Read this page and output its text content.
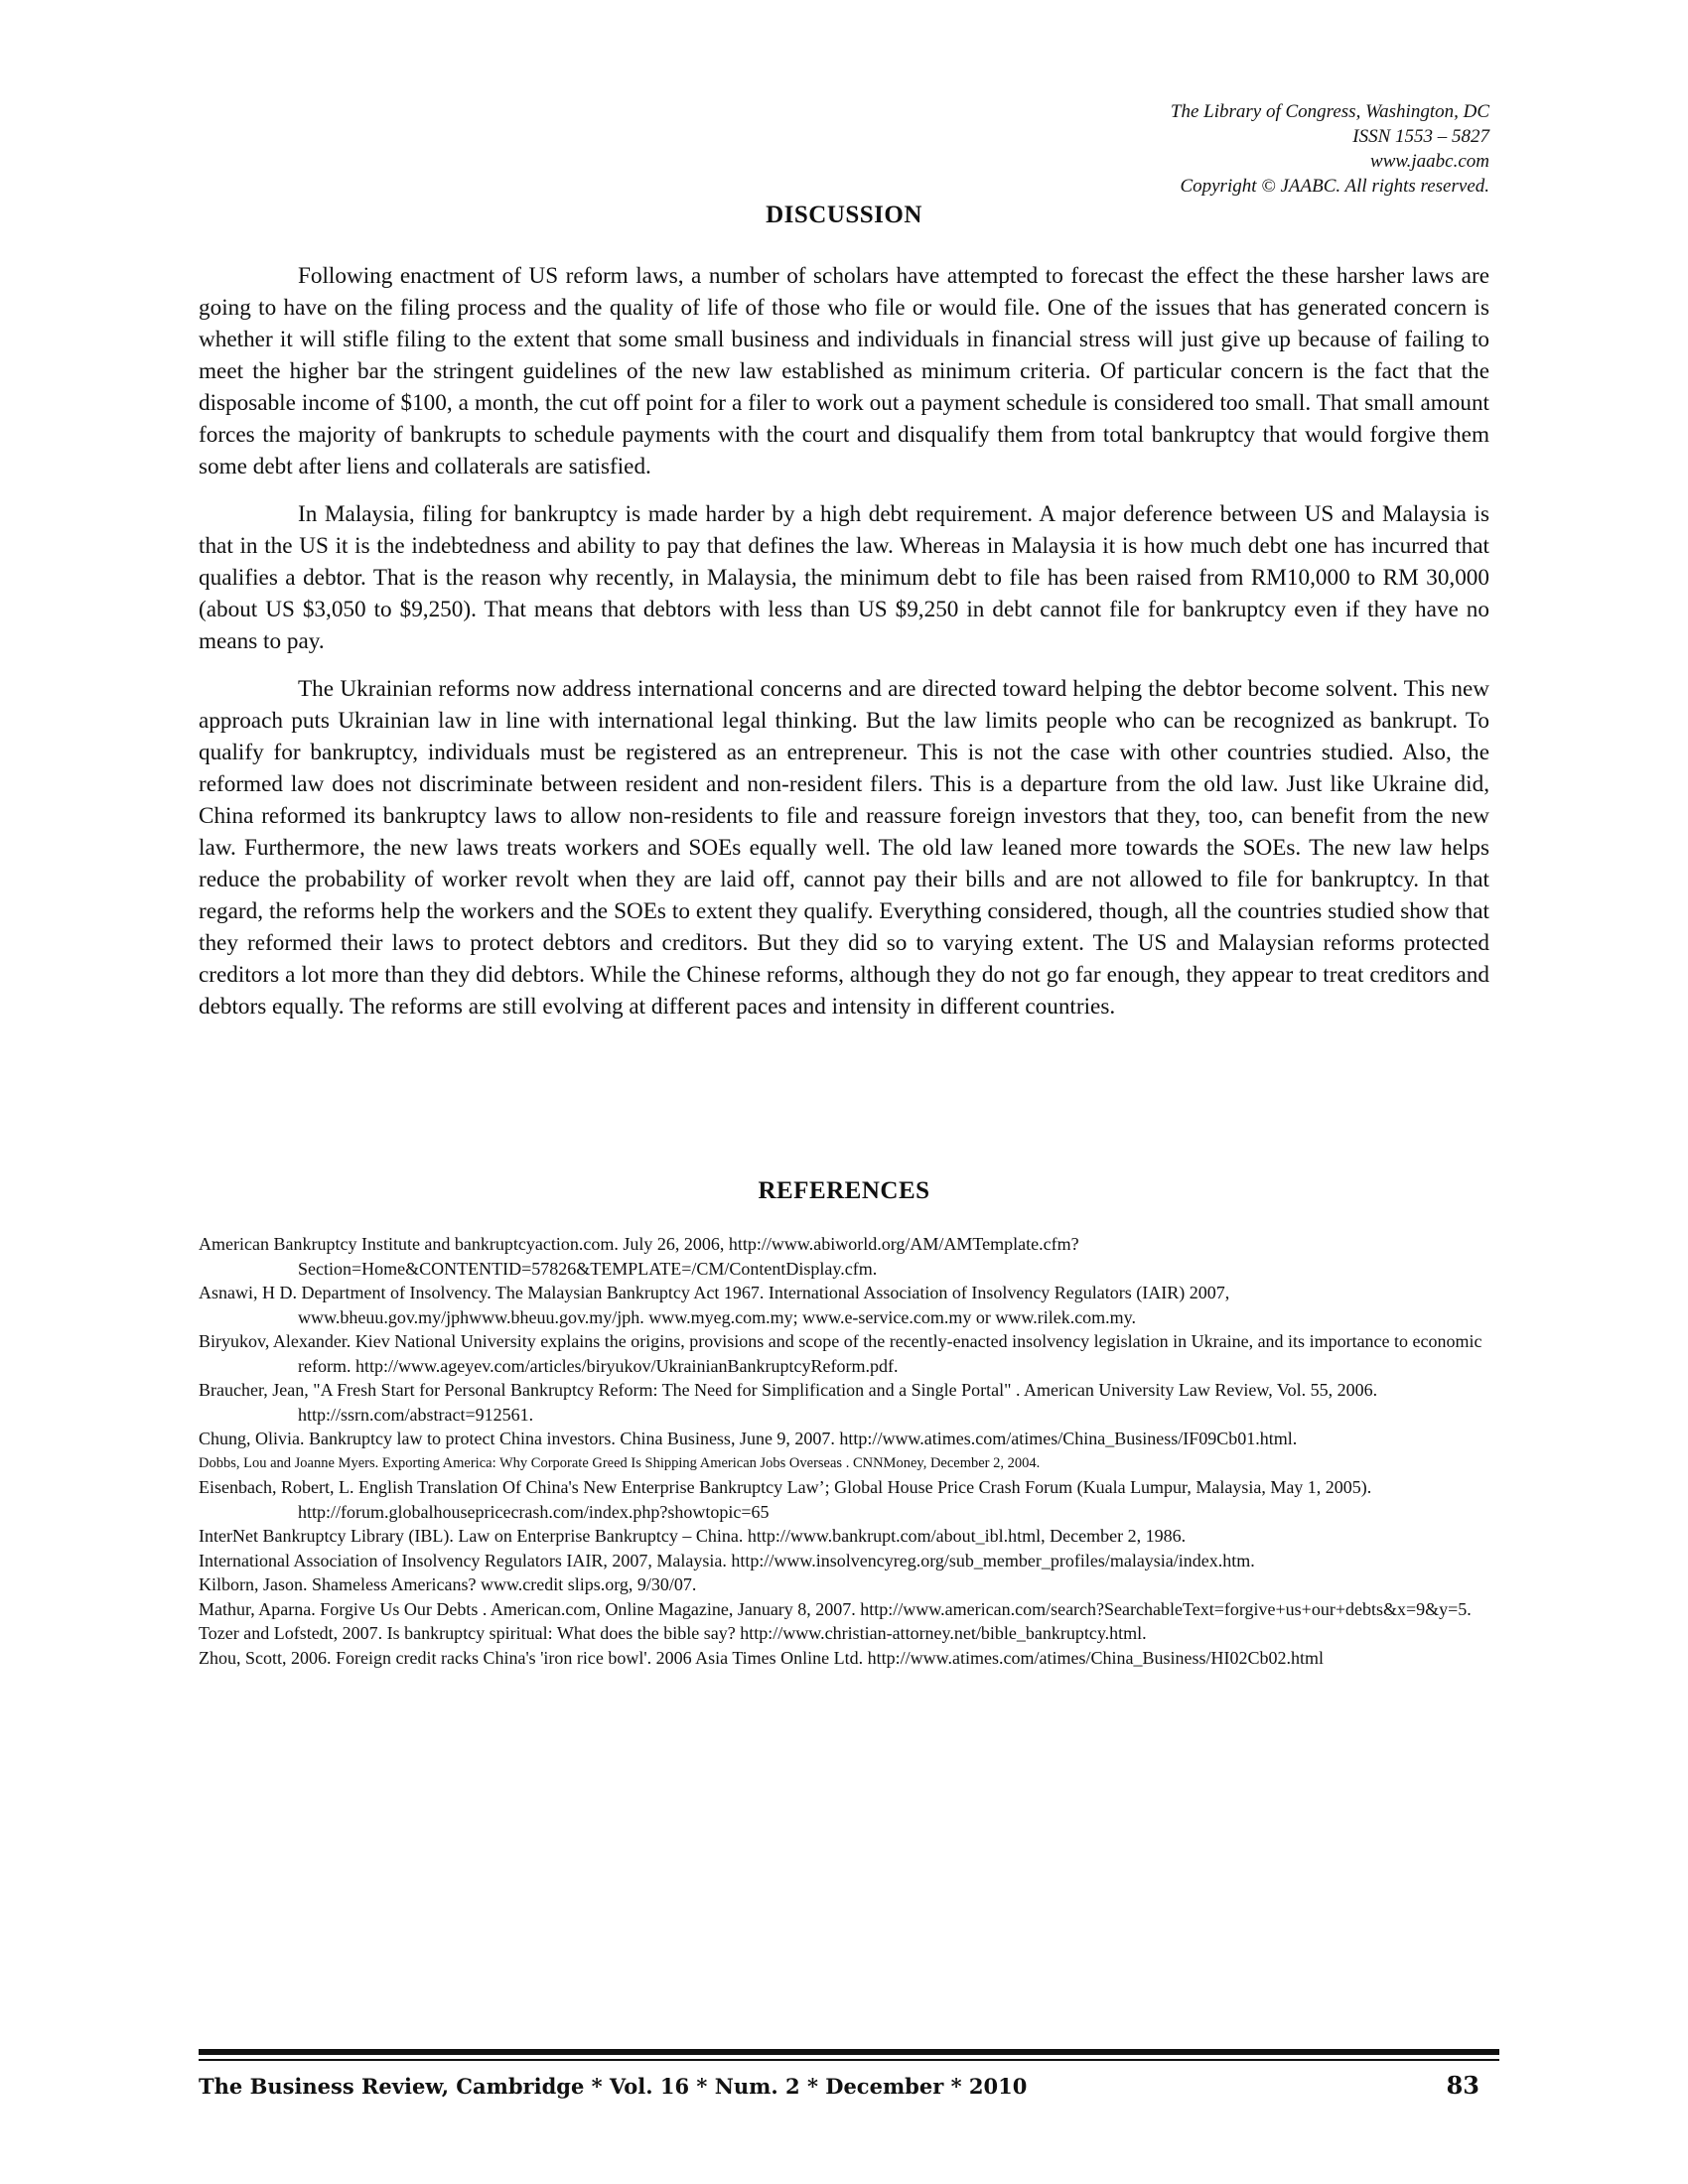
The Library of Congress, Washington, DC
ISSN 1553 – 5827
www.jaabc.com
Copyright © JAABC. All rights reserved.
DISCUSSION

Following enactment of US reform laws, a number of scholars have attempted to forecast the effect the these harsher laws are going to have on the filing process and the quality of life of those who file or would file. One of the issues that has generated concern is whether it will stifle filing to the extent that some small business and individuals in financial stress will just give up because of failing to meet the higher bar the stringent guidelines of the new law established as minimum criteria. Of particular concern is the fact that the disposable income of $100, a month, the cut off point for a filer to work out a payment schedule is considered too small. That small amount forces the majority of bankrupts to schedule payments with the court and disqualify them from total bankruptcy that would forgive them some debt after liens and collaterals are satisfied.

In Malaysia, filing for bankruptcy is made harder by a high debt requirement. A major deference between US and Malaysia is that in the US it is the indebtedness and ability to pay that defines the law. Whereas in Malaysia it is how much debt one has incurred that qualifies a debtor. That is the reason why recently, in Malaysia, the minimum debt to file has been raised from RM10,000 to RM 30,000 (about US $3,050 to $9,250). That means that debtors with less than US $9,250 in debt cannot file for bankruptcy even if they have no means to pay.

The Ukrainian reforms now address international concerns and are directed toward helping the debtor become solvent. This new approach puts Ukrainian law in line with international legal thinking. But the law limits people who can be recognized as bankrupt. To qualify for bankruptcy, individuals must be registered as an entrepreneur. This is not the case with other countries studied. Also, the reformed law does not discriminate between resident and non-resident filers. This is a departure from the old law. Just like Ukraine did, China reformed its bankruptcy laws to allow non-residents to file and reassure foreign investors that they, too, can benefit from the new law. Furthermore, the new laws treats workers and SOEs equally well. The old law leaned more towards the SOEs. The new law helps reduce the probability of worker revolt when they are laid off, cannot pay their bills and are not allowed to file for bankruptcy. In that regard, the reforms help the workers and the SOEs to extent they qualify. Everything considered, though, all the countries studied show that they reformed their laws to protect debtors and creditors. But they did so to varying extent. The US and Malaysian reforms protected creditors a lot more than they did debtors. While the Chinese reforms, although they do not go far enough, they appear to treat creditors and debtors equally. The reforms are still evolving at different paces and intensity in different countries.

REFERENCES
American Bankruptcy Institute and bankruptcyaction.com. July 26, 2006, http://www.abiworld.org/AM/AMTemplate.cfm?Section=Home&CONTENTID=57826&TEMPLATE=/CM/ContentDisplay.cfm.
Asnawi, H D. Department of Insolvency. The Malaysian Bankruptcy Act 1967. International Association of Insolvency Regulators (IAIR) 2007, www.bheuu.gov.my/jphwww.bheuu.gov.my/jph. www.myeg.com.my; www.e-service.com.my or www.rilek.com.my.
Biryukov, Alexander. Kiev National University explains the origins, provisions and scope of the recently-enacted insolvency legislation in Ukraine, and its importance to economic reform. http://www.ageyev.com/articles/biryukov/UkrainianBankruptcyReform.pdf.
Braucher, Jean, "A Fresh Start for Personal Bankruptcy Reform: The Need for Simplification and a Single Portal" . American University Law Review, Vol. 55, 2006. http://ssrn.com/abstract=912561.
Chung, Olivia. Bankruptcy law to protect China investors. China Business, June 9, 2007. http://www.atimes.com/atimes/China_Business/IF09Cb01.html.
Dobbs, Lou and Joanne Myers. Exporting America: Why Corporate Greed Is Shipping American Jobs Overseas . CNNMoney, December 2, 2004.
Eisenbach, Robert, L. English Translation Of China's New Enterprise Bankruptcy Law’; Global House Price Crash Forum (Kuala Lumpur, Malaysia, May 1, 2005). http://forum.globalhousepricecrash.com/index.php?showtopic=65
InterNet Bankruptcy Library (IBL). Law on Enterprise Bankruptcy – China. http://www.bankrupt.com/about_ibl.html, December 2, 1986.
International Association of Insolvency Regulators IAIR, 2007, Malaysia. http://www.insolvencyreg.org/sub_member_profiles/malaysia/index.htm.
Kilborn, Jason. Shameless Americans? www.credit slips.org, 9/30/07.
Mathur, Aparna. Forgive Us Our Debts . American.com, Online Magazine, January 8, 2007. http://www.american.com/search?SearchableText=forgive+us+our+debts&x=9&y=5.
Tozer and Lofstedt, 2007. Is bankruptcy spiritual: What does the bible say? http://www.christian-attorney.net/bible_bankruptcy.html.
Zhou, Scott, 2006. Foreign credit racks China's 'iron rice bowl'. 2006 Asia Times Online Ltd. http://www.atimes.com/atimes/China_Business/HI02Cb02.html
The Business Review, Cambridge * Vol. 16 * Num. 2 * December * 2010	83
